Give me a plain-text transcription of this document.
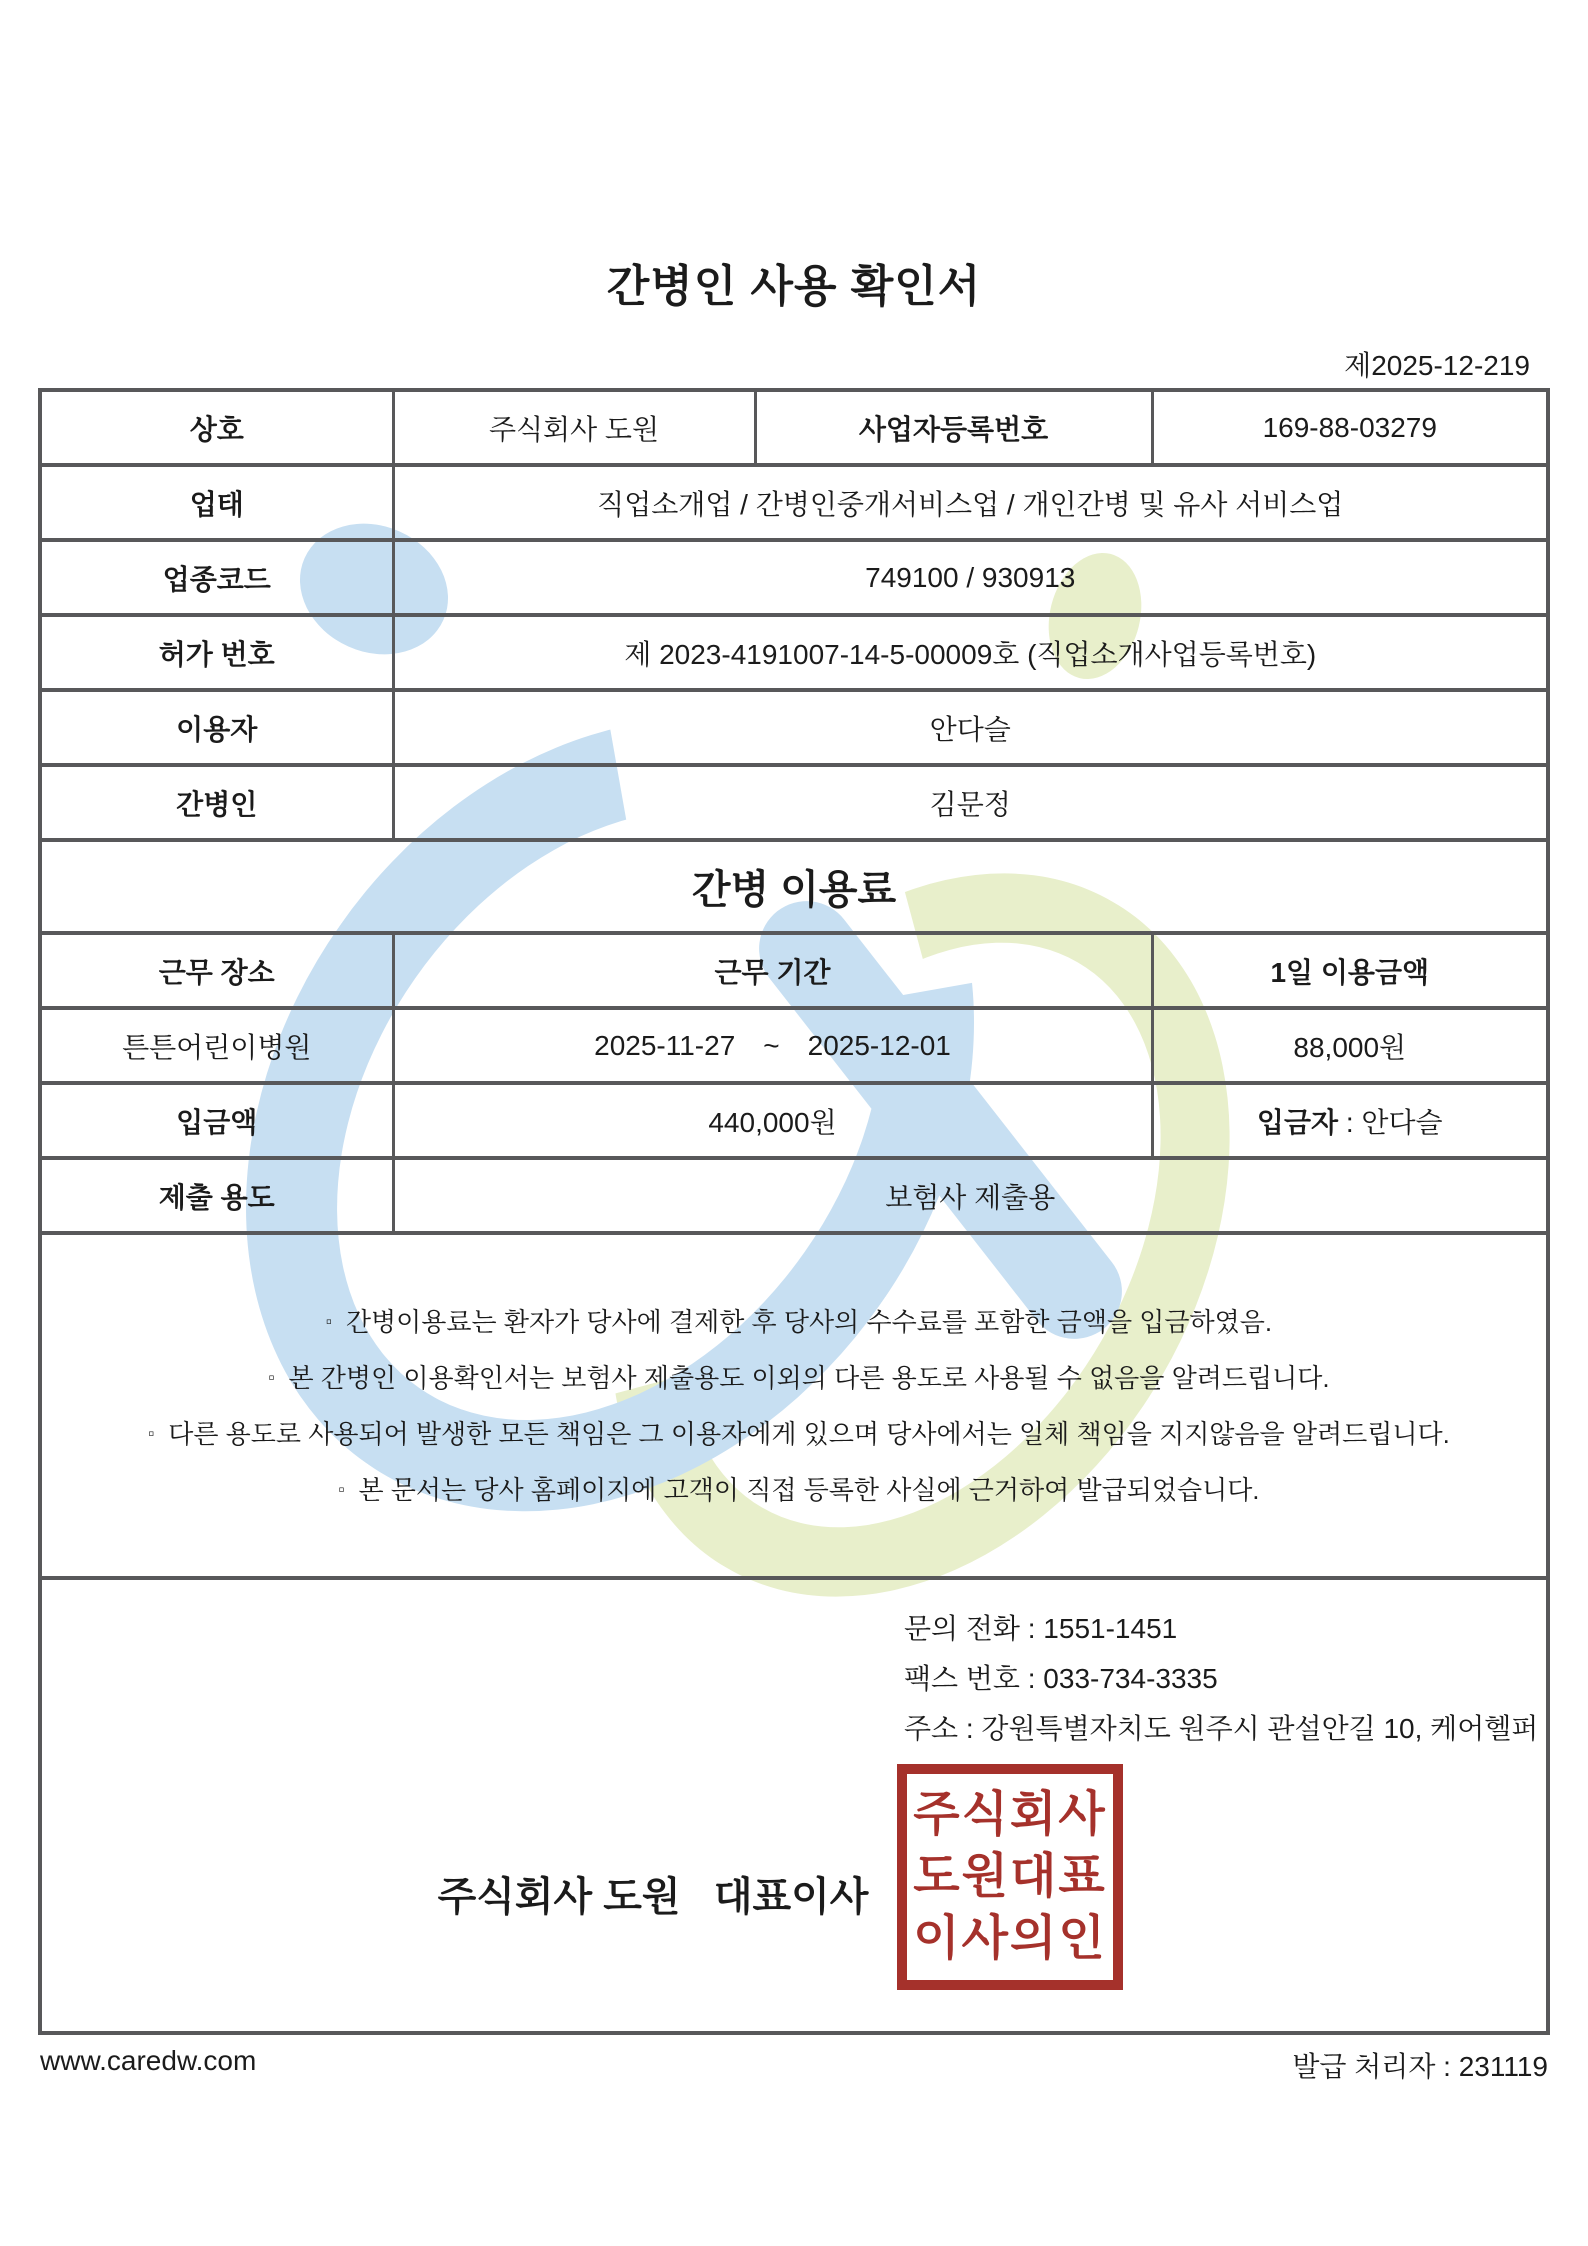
간병인 사용 확인서
제2025-12-219
상호	주식회사 도원	사업자등록번호	169-88-03279
업태	직업소개업 / 간병인중개서비스업 / 개인간병 및 유사 서비스업		
업종코드	749100 / 930913		
허가 번호	제 2023-4191007-14-5-00009호 (직업소개사업등록번호)		
이용자	안다슬		
간병인	김문정		
간병 이용료			
근무 장소	근무 기간		1일 이용금액
튼튼어린이병원	2025-11-27 ~ 2025-12-01		88,000원
입금액	440,000원		입금자 : 안다슬
제출 용도	보험사 제출용		

▫ 간병이용료는 환자가 당사에 결제한 후 당사의 수수료를 포함한 금액을 입금하였음.
▫ 본 간병인 이용확인서는 보험사 제출용도 이외의 다른 용도로 사용될 수 없음을 알려드립니다.
▫ 다른 용도로 사용되어 발생한 모든 책임은 그 이용자에게 있으며 당사에서는 일체 책임을 지지않음을 알려드립니다.
▫ 본 문서는 당사 홈페이지에 고객이 직접 등록한 사실에 근거하여 발급되었습니다.			

문의 전화 : 1551-1451
팩스 번호 : 033-734-3335
주소 : 강원특별자치도 원주시 관설안길 10, 케어헬퍼
주식회사 도원   대표이사
주식회사
도원대표
이사의인
www.caredw.com	발급 처리자 : 231119
